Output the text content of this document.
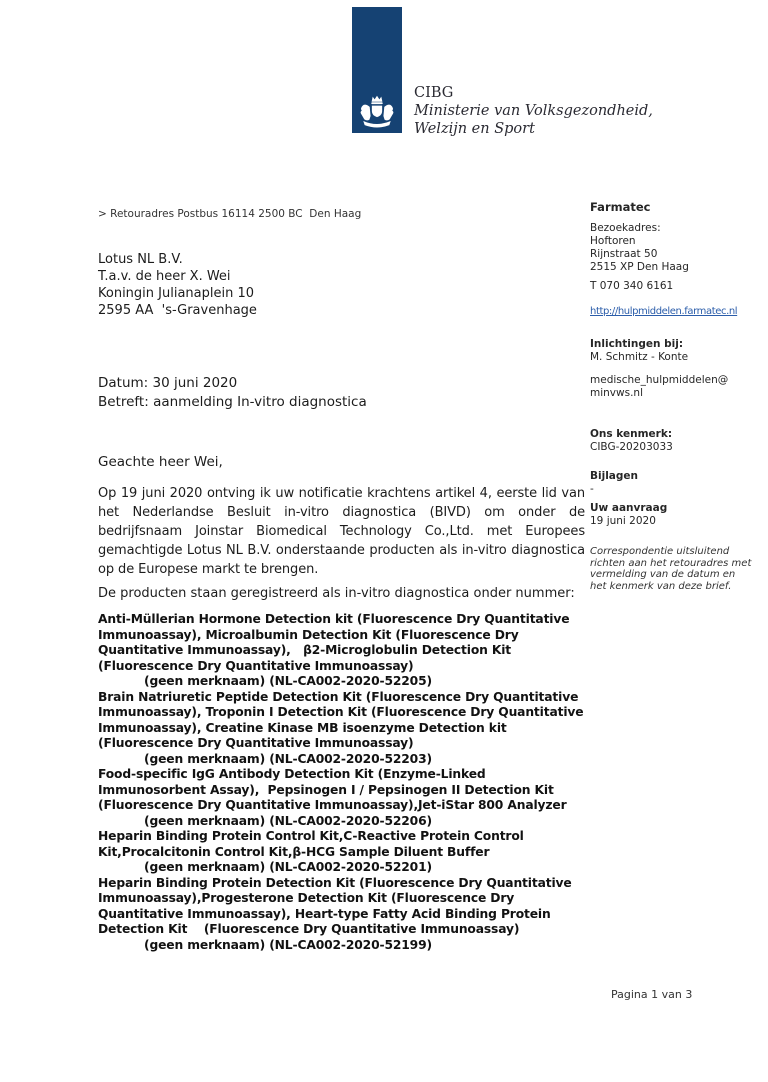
CIBG
Ministerie van Volksgezondheid,
Welzijn en Sport
> Retouradres Postbus 16114 2500 BC  Den Haag
Lotus NL B.V.
T.a.v. de heer X. Wei
Koningin Julianaplein 10
2595 AA  's-Gravenhage
Farmatec
Bezoekadres:
Hoftoren
Rijnstraat 50
2515 XP Den Haag
T 070 340 6161
http://hulpmiddelen.farmatec.nl
Inlichtingen bij:
M. Schmitz - Konte
medische_hulpmiddelen@
minvws.nl
Ons kenmerk:
CIBG-20203033
Bijlagen
-
Uw aanvraag
19 juni 2020
Correspondentie uitsluitend
richten aan het retouradres met
vermelding van de datum en
het kenmerk van deze brief.
Datum: 30 juni 2020
Betreft: aanmelding In-vitro diagnostica
Geachte heer Wei,
Op 19 juni 2020 ontving ik uw notificatie krachtens artikel 4, eerste lid van het Nederlandse Besluit in-vitro diagnostica (BIVD) om onder de bedrijfsnaam Joinstar Biomedical Technology Co.,Ltd. met Europees gemachtigde Lotus NL B.V. onderstaande producten als in-vitro diagnostica op de Europese markt te brengen.
De producten staan geregistreerd als in-vitro diagnostica onder nummer:
Anti-Müllerian Hormone Detection kit (Fluorescence Dry Quantitative
Immunoassay), Microalbumin Detection Kit (Fluorescence Dry
Quantitative Immunoassay),   β2-Microglobulin Detection Kit
(Fluorescence Dry Quantitative Immunoassay)
(geen merknaam) (NL-CA002-2020-52205)
Brain Natriuretic Peptide Detection Kit (Fluorescence Dry Quantitative
Immunoassay), Troponin I Detection Kit (Fluorescence Dry Quantitative
Immunoassay), Creatine Kinase MB isoenzyme Detection kit
(Fluorescence Dry Quantitative Immunoassay)
(geen merknaam) (NL-CA002-2020-52203)
Food-specific IgG Antibody Detection Kit (Enzyme-Linked
Immunosorbent Assay),  Pepsinogen I / Pepsinogen II Detection Kit
(Fluorescence Dry Quantitative Immunoassay),Jet-iStar 800 Analyzer
(geen merknaam) (NL-CA002-2020-52206)
Heparin Binding Protein Control Kit,C-Reactive Protein Control
Kit,Procalcitonin Control Kit,β-HCG Sample Diluent Buffer
(geen merknaam) (NL-CA002-2020-52201)
Heparin Binding Protein Detection Kit (Fluorescence Dry Quantitative
Immunoassay),Progesterone Detection Kit (Fluorescence Dry
Quantitative Immunoassay), Heart-type Fatty Acid Binding Protein
Detection Kit    (Fluorescence Dry Quantitative Immunoassay)
(geen merknaam) (NL-CA002-2020-52199)
Pagina 1 van 3
